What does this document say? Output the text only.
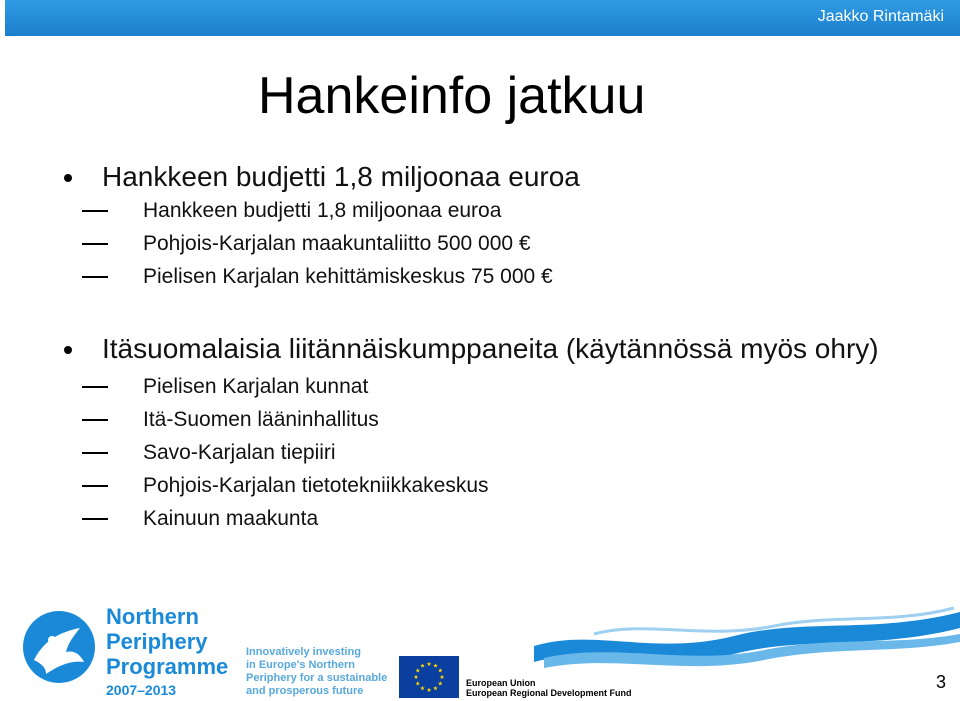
Jaakko Rintamäki
Hankeinfo jatkuu

Hankkeen budjetti 1,8 miljoonaa euroa

Hankkeen budjetti 1,8 miljoonaa euroa

Pohjois-Karjalan maakuntaliitto 500 000 €

Pielisen Karjalan kehittämiskeskus 75 000 €

Itäsuomalaisia liitännäiskumppaneita (käytännössä myös ohry)

Pielisen Karjalan kunnat

Itä-Suomen lääninhallitus

Savo-Karjalan tiepiiri

Pohjois-Karjalan tietotekniikkakeskus

Kainuun maakunta

Northern
Periphery
Programme
2007–2013
Innovatively investing
in Europe's Northern
Periphery for a sustainable
and prosperous future
European Union
European Regional Development Fund
3
